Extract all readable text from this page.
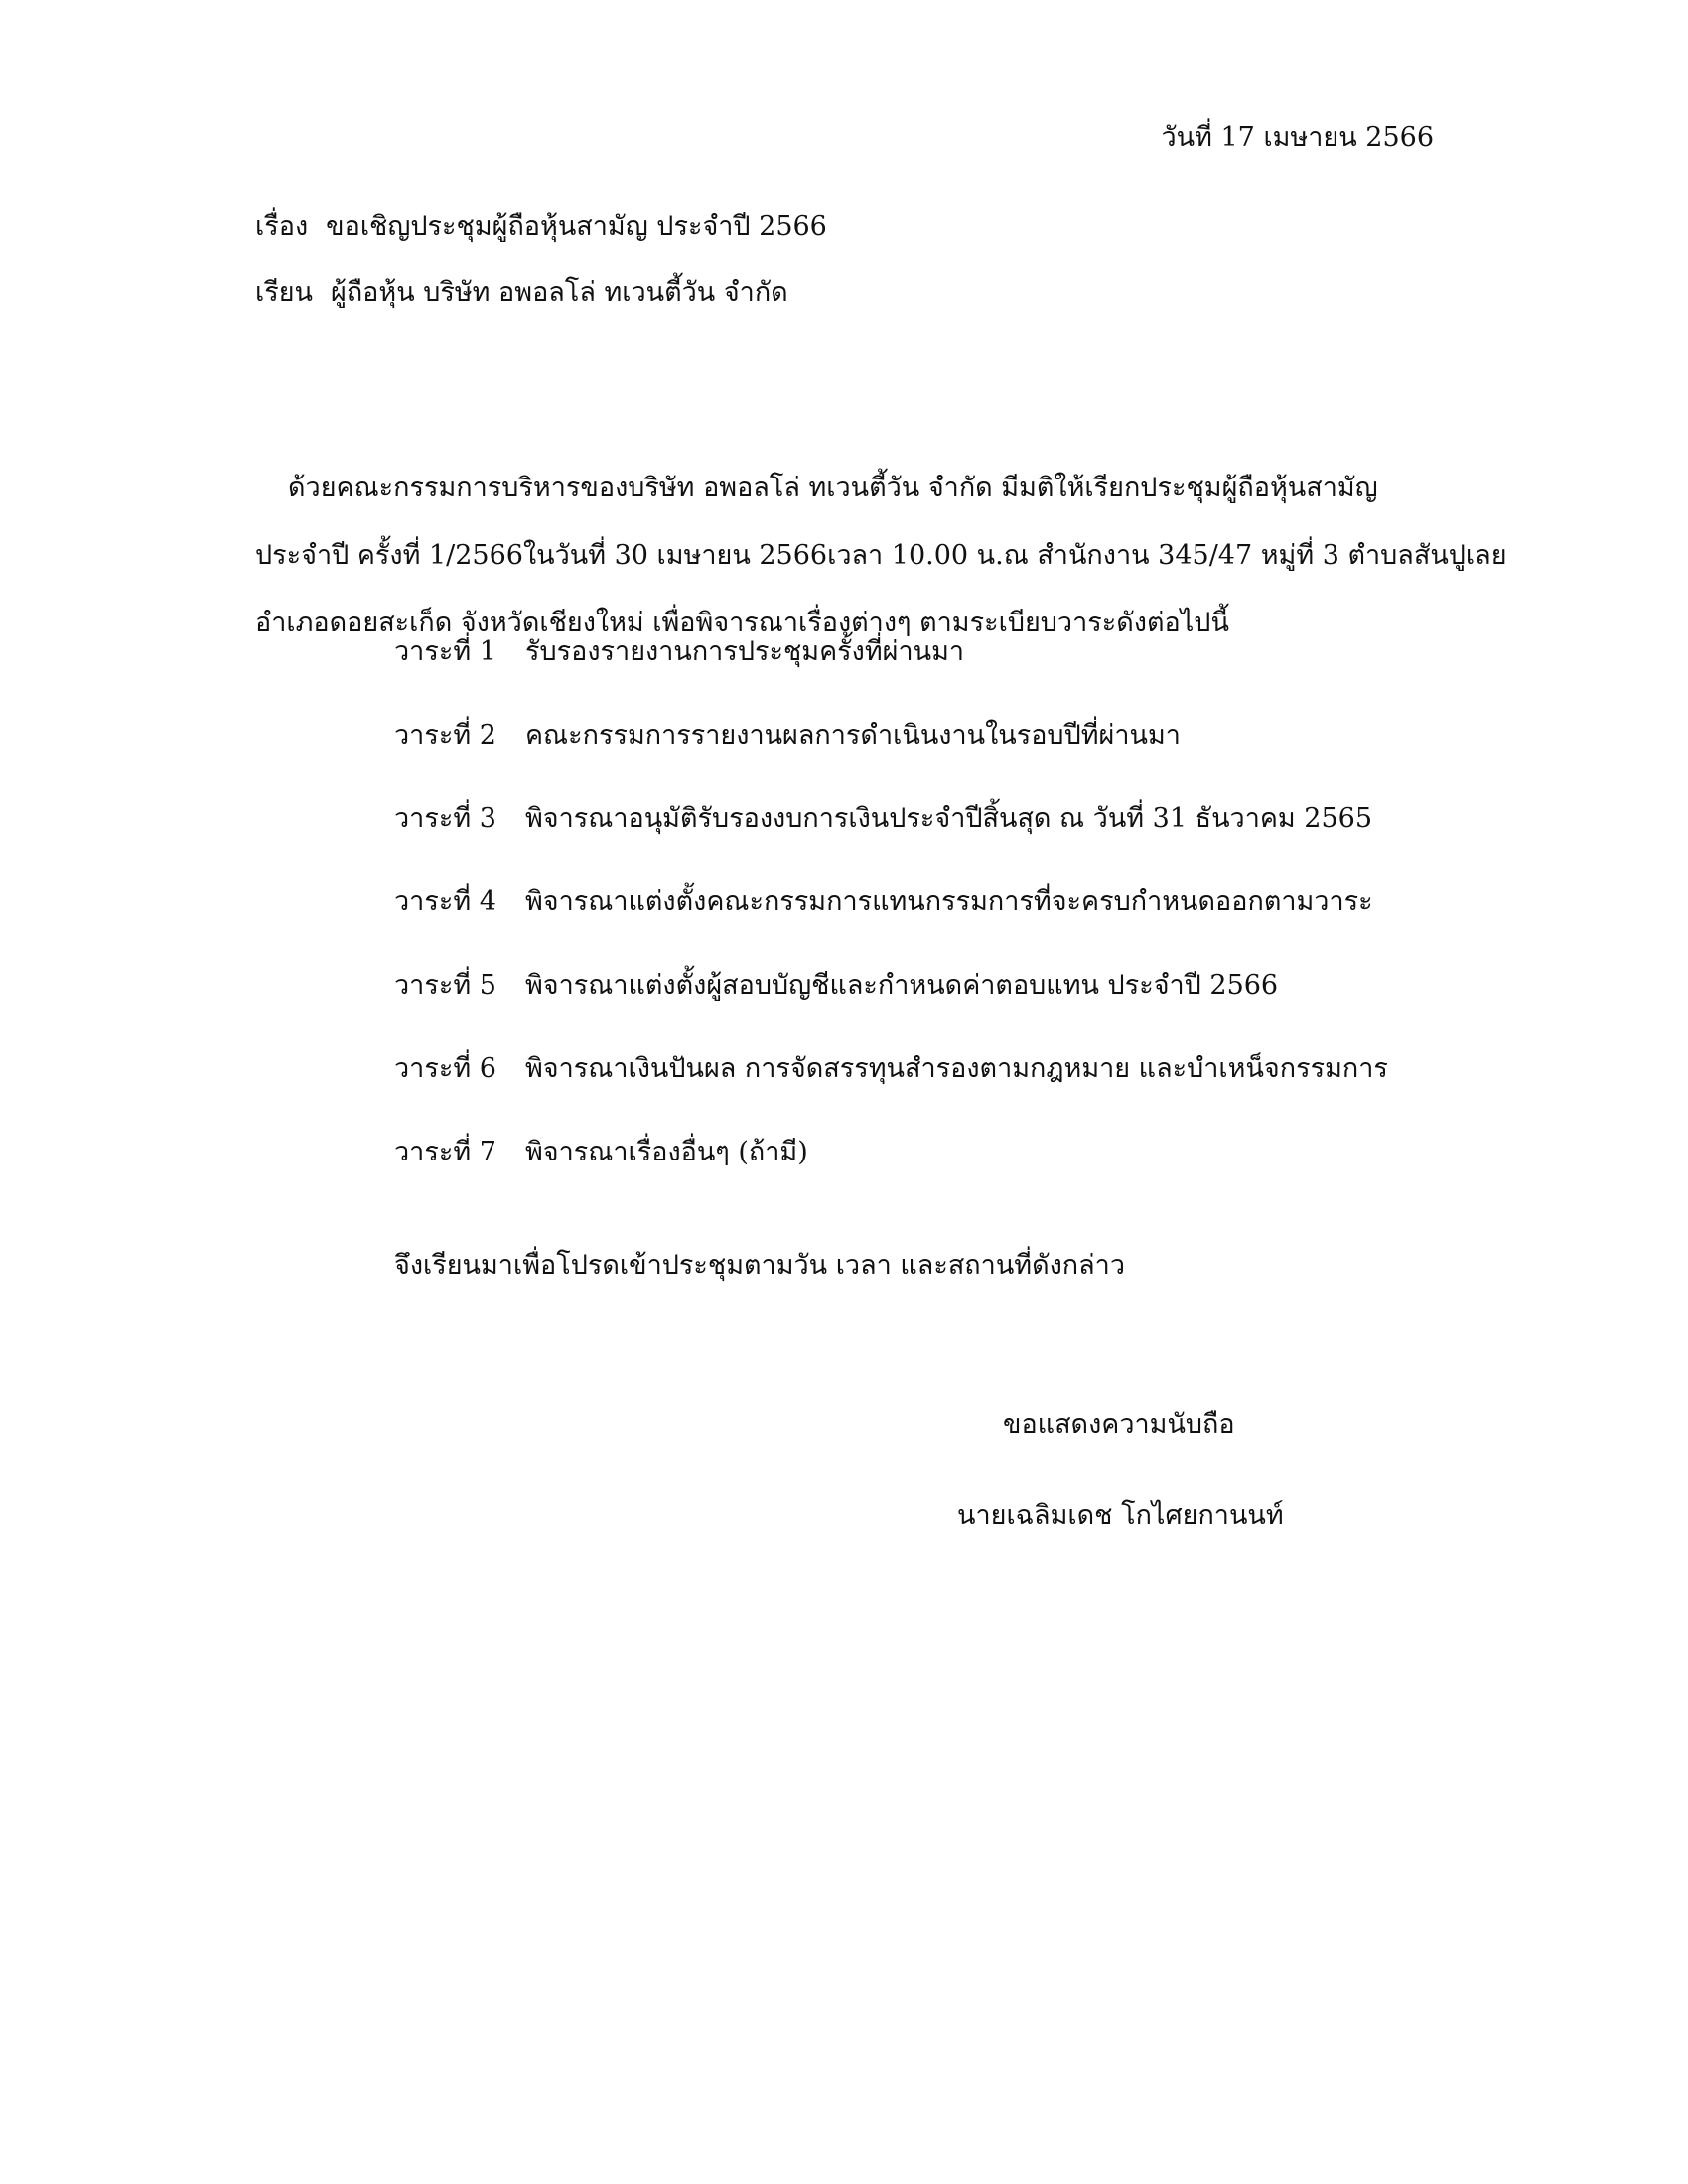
วันที่ 17 เมษายน 2566
เรื่อง ขอเชิญประชุมผู้ถือหุ้นสามัญ ประจำปี 2566
เรียน ผู้ถือหุ้น บริษัท อพอลโล่ ทเวนตี้วัน จำกัด
ด้วยคณะกรรมการบริหารของบริษัท อพอลโล่ ทเวนตี้วัน จำกัด มีมติให้เรียกประชุมผู้ถือหุ้นสามัญ
ประจำปี ครั้งที่ 1/2566ในวันที่ 30 เมษายน 2566เวลา 10.00 น.ณ สำนักงาน 345/47 หมู่ที่ 3 ตำบลสันปูเลย
อำเภอดอยสะเก็ด จังหวัดเชียงใหม่ เพื่อพิจารณาเรื่องต่างๆ ตามระเบียบวาระดังต่อไปนี้
วาระที่ 1 รับรองรายงานการประชุมครั้งที่ผ่านมา
วาระที่ 2 คณะกรรมการรายงานผลการดำเนินงานในรอบปีที่ผ่านมา
วาระที่ 3 พิจารณาอนุมัติรับรองงบการเงินประจำปีสิ้นสุด ณ วันที่ 31 ธันวาคม 2565
วาระที่ 4 พิจารณาแต่งตั้งคณะกรรมการแทนกรรมการที่จะครบกำหนดออกตามวาระ
วาระที่ 5 พิจารณาแต่งตั้งผู้สอบบัญชีและกำหนดค่าตอบแทน ประจำปี 2566
วาระที่ 6 พิจารณาเงินปันผล การจัดสรรทุนสำรองตามกฎหมาย และบำเหน็จกรรมการ
วาระที่ 7 พิจารณาเรื่องอื่นๆ (ถ้ามี)
จึงเรียนมาเพื่อโปรดเข้าประชุมตามวัน เวลา และสถานที่ดังกล่าว
ขอแสดงความนับถือ
นายเฉลิมเดช โกไศยกานนท์
